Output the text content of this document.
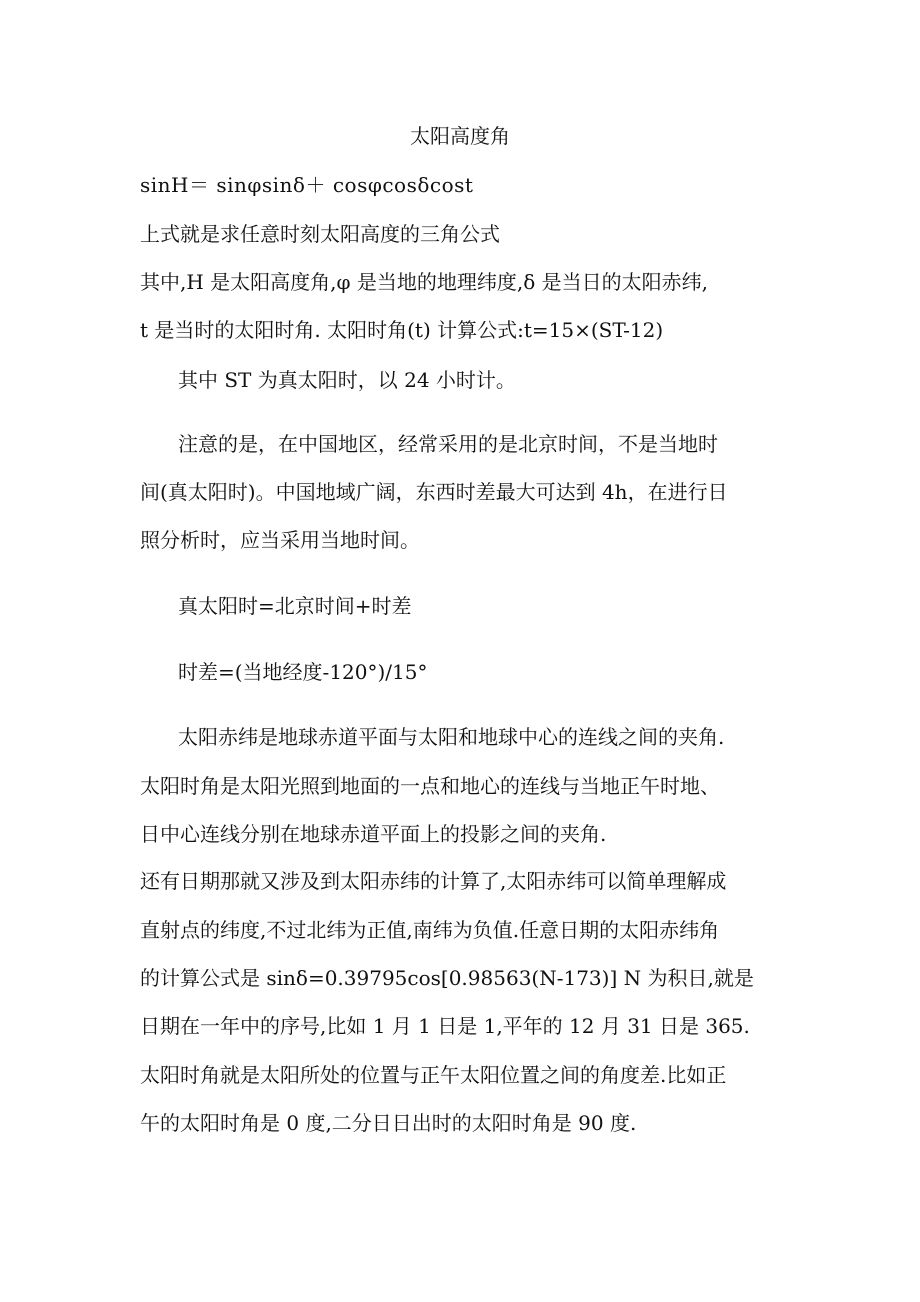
太阳高度角
sinH＝ sinφsinδ＋ cosφcosδcost
上式就是求任意时刻太阳高度的三角公式
其中,H 是太阳高度角,φ 是当地的地理纬度,δ 是当日的太阳赤纬,
t 是当时的太阳时角. 太阳时角(t) 计算公式:t=15×(ST-12)
其中 ST 为真太阳时，以 24 小时计。
注意的是，在中国地区，经常采用的是北京时间，不是当地时
间(真太阳时)。中国地域广阔，东西时差最大可达到 4h，在进行日
照分析时，应当采用当地时间。
真太阳时=北京时间+时差
时差=(当地经度-120°)/15°
太阳赤纬是地球赤道平面与太阳和地球中心的连线之间的夹角.
太阳时角是太阳光照到地面的一点和地心的连线与当地正午时地、
日中心连线分别在地球赤道平面上的投影之间的夹角.
还有日期那就又涉及到太阳赤纬的计算了,太阳赤纬可以简单理解成
直射点的纬度,不过北纬为正值,南纬为负值.任意日期的太阳赤纬角
的计算公式是 sinδ=0.39795cos[0.98563(N-173)] N 为积日,就是
日期在一年中的序号,比如 1 月 1 日是 1,平年的 12 月 31 日是 365.
太阳时角就是太阳所处的位置与正午太阳位置之间的角度差.比如正
午的太阳时角是 0 度,二分日日出时的太阳时角是 90 度.
